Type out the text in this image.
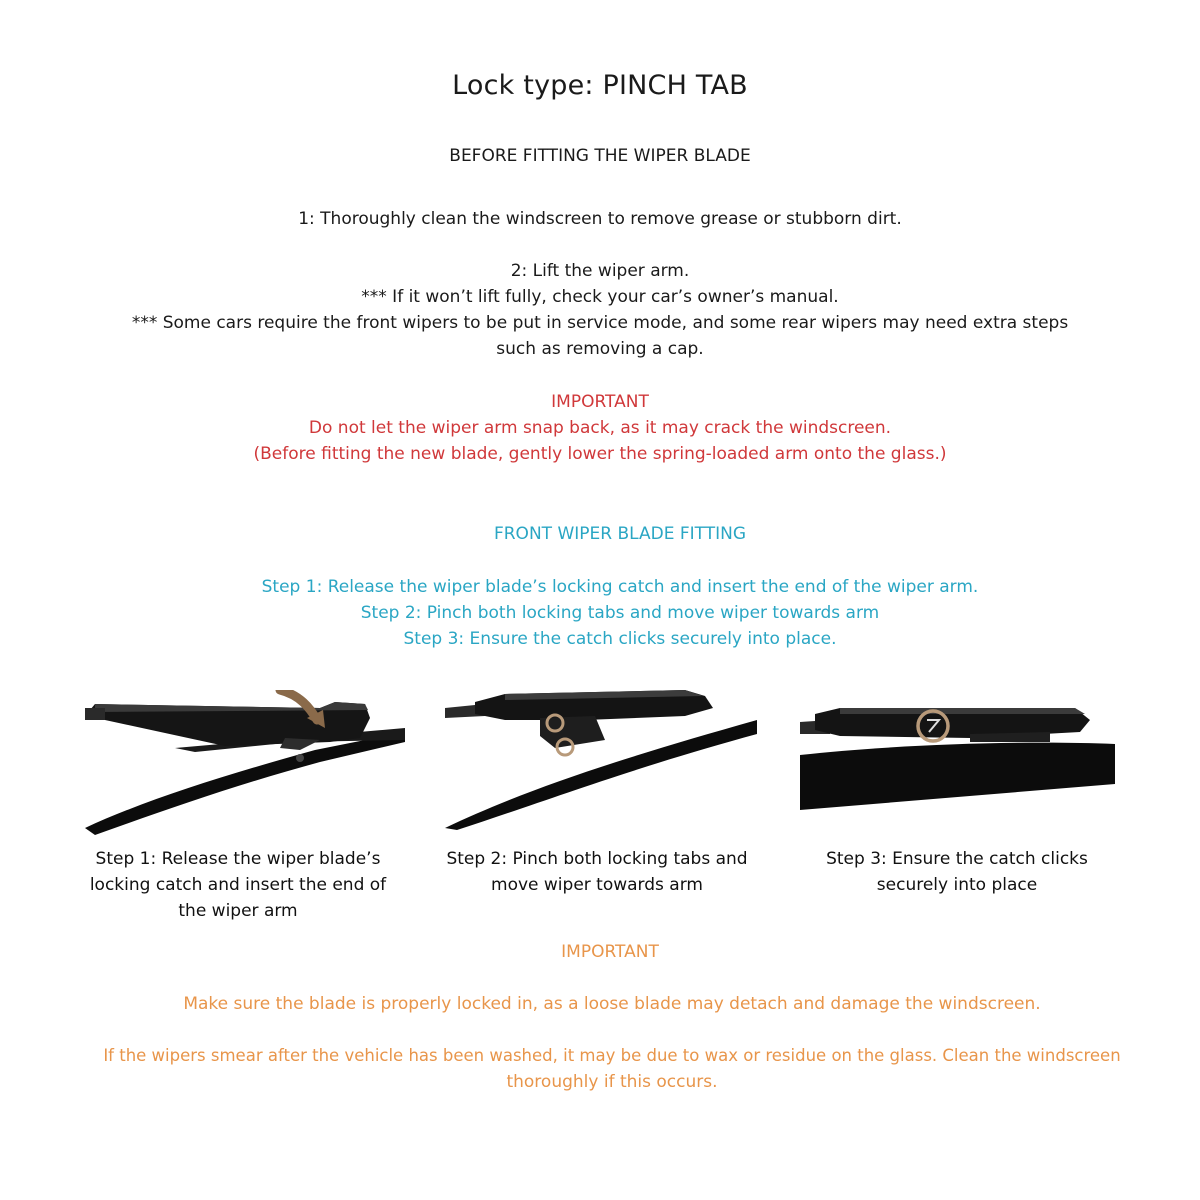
Lock type: PINCH TAB
BEFORE FITTING THE WIPER BLADE
1: Thoroughly clean the windscreen to remove grease or stubborn dirt.
2: Lift the wiper arm.
*** If it won’t lift fully, check your car’s owner’s manual.
*** Some cars require the front wipers to be put in service mode, and some rear wipers may need extra steps
such as removing a cap.
IMPORTANT
Do not let the wiper arm snap back, as it may crack the windscreen.
(Before fitting the new blade, gently lower the spring-loaded arm onto the glass.)
FRONT WIPER BLADE FITTING
Step 1: Release the wiper blade’s locking catch and insert the end of the wiper arm.
Step 2: Pinch both locking tabs and move wiper towards arm
Step 3: Ensure the catch clicks securely into place.
Step 1: Release the wiper blade’s
locking catch and insert the end of
the wiper arm
Step 2: Pinch both locking tabs and
move wiper towards arm
Step 3: Ensure the catch clicks
securely into place
IMPORTANT
Make sure the blade is properly locked in, as a loose blade may detach and damage the windscreen.
If the wipers smear after the vehicle has been washed, it may be due to wax or residue on the glass. Clean the windscreen
thoroughly if this occurs.
